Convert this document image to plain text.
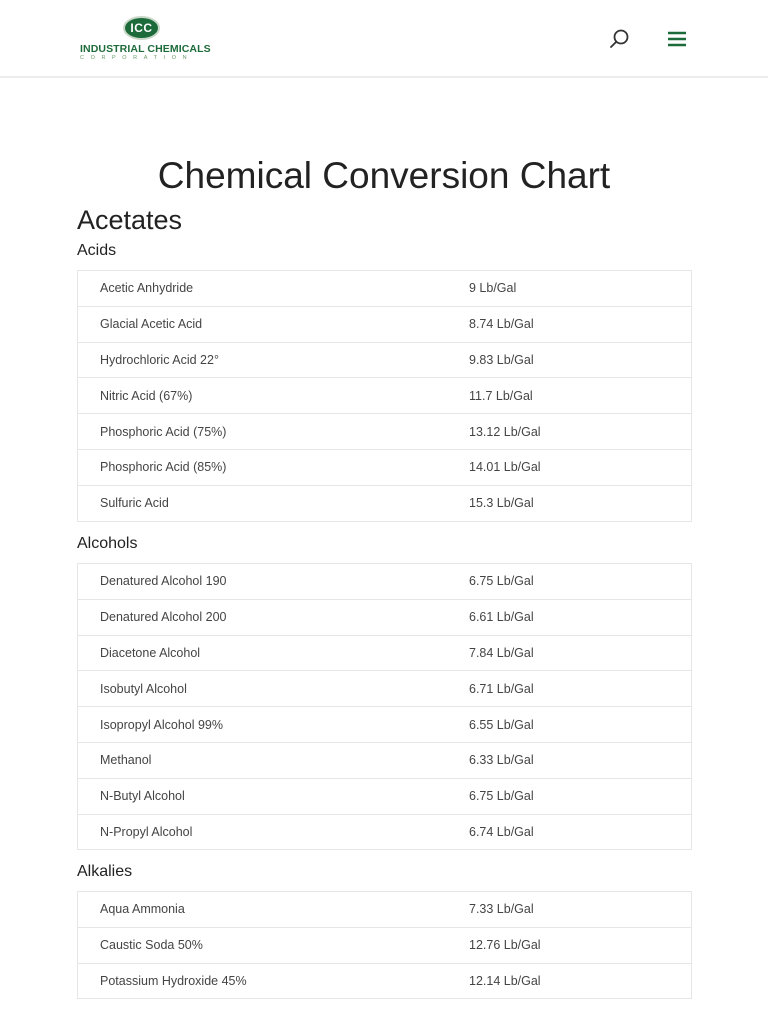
ICC
INDUSTRIAL CHEMICALS
CORPORATION
Chemical Conversion Chart
Acetates
Acids
Acetic Anhydride	9 Lb/Gal
Glacial Acetic Acid	8.74 Lb/Gal
Hydrochloric Acid 22°	9.83 Lb/Gal
Nitric Acid (67%)	11.7 Lb/Gal
Phosphoric Acid (75%)	13.12 Lb/Gal
Phosphoric Acid (85%)	14.01 Lb/Gal
Sulfuric Acid	15.3 Lb/Gal
Alcohols
Denatured Alcohol 190	6.75 Lb/Gal
Denatured Alcohol 200	6.61 Lb/Gal
Diacetone Alcohol	7.84 Lb/Gal
Isobutyl Alcohol	6.71 Lb/Gal
Isopropyl Alcohol 99%	6.55 Lb/Gal
Methanol	6.33 Lb/Gal
N-Butyl Alcohol	6.75 Lb/Gal
N-Propyl Alcohol	6.74 Lb/Gal
Alkalies
Aqua Ammonia	7.33 Lb/Gal
Caustic Soda 50%	12.76 Lb/Gal
Potassium Hydroxide 45%	12.14 Lb/Gal
